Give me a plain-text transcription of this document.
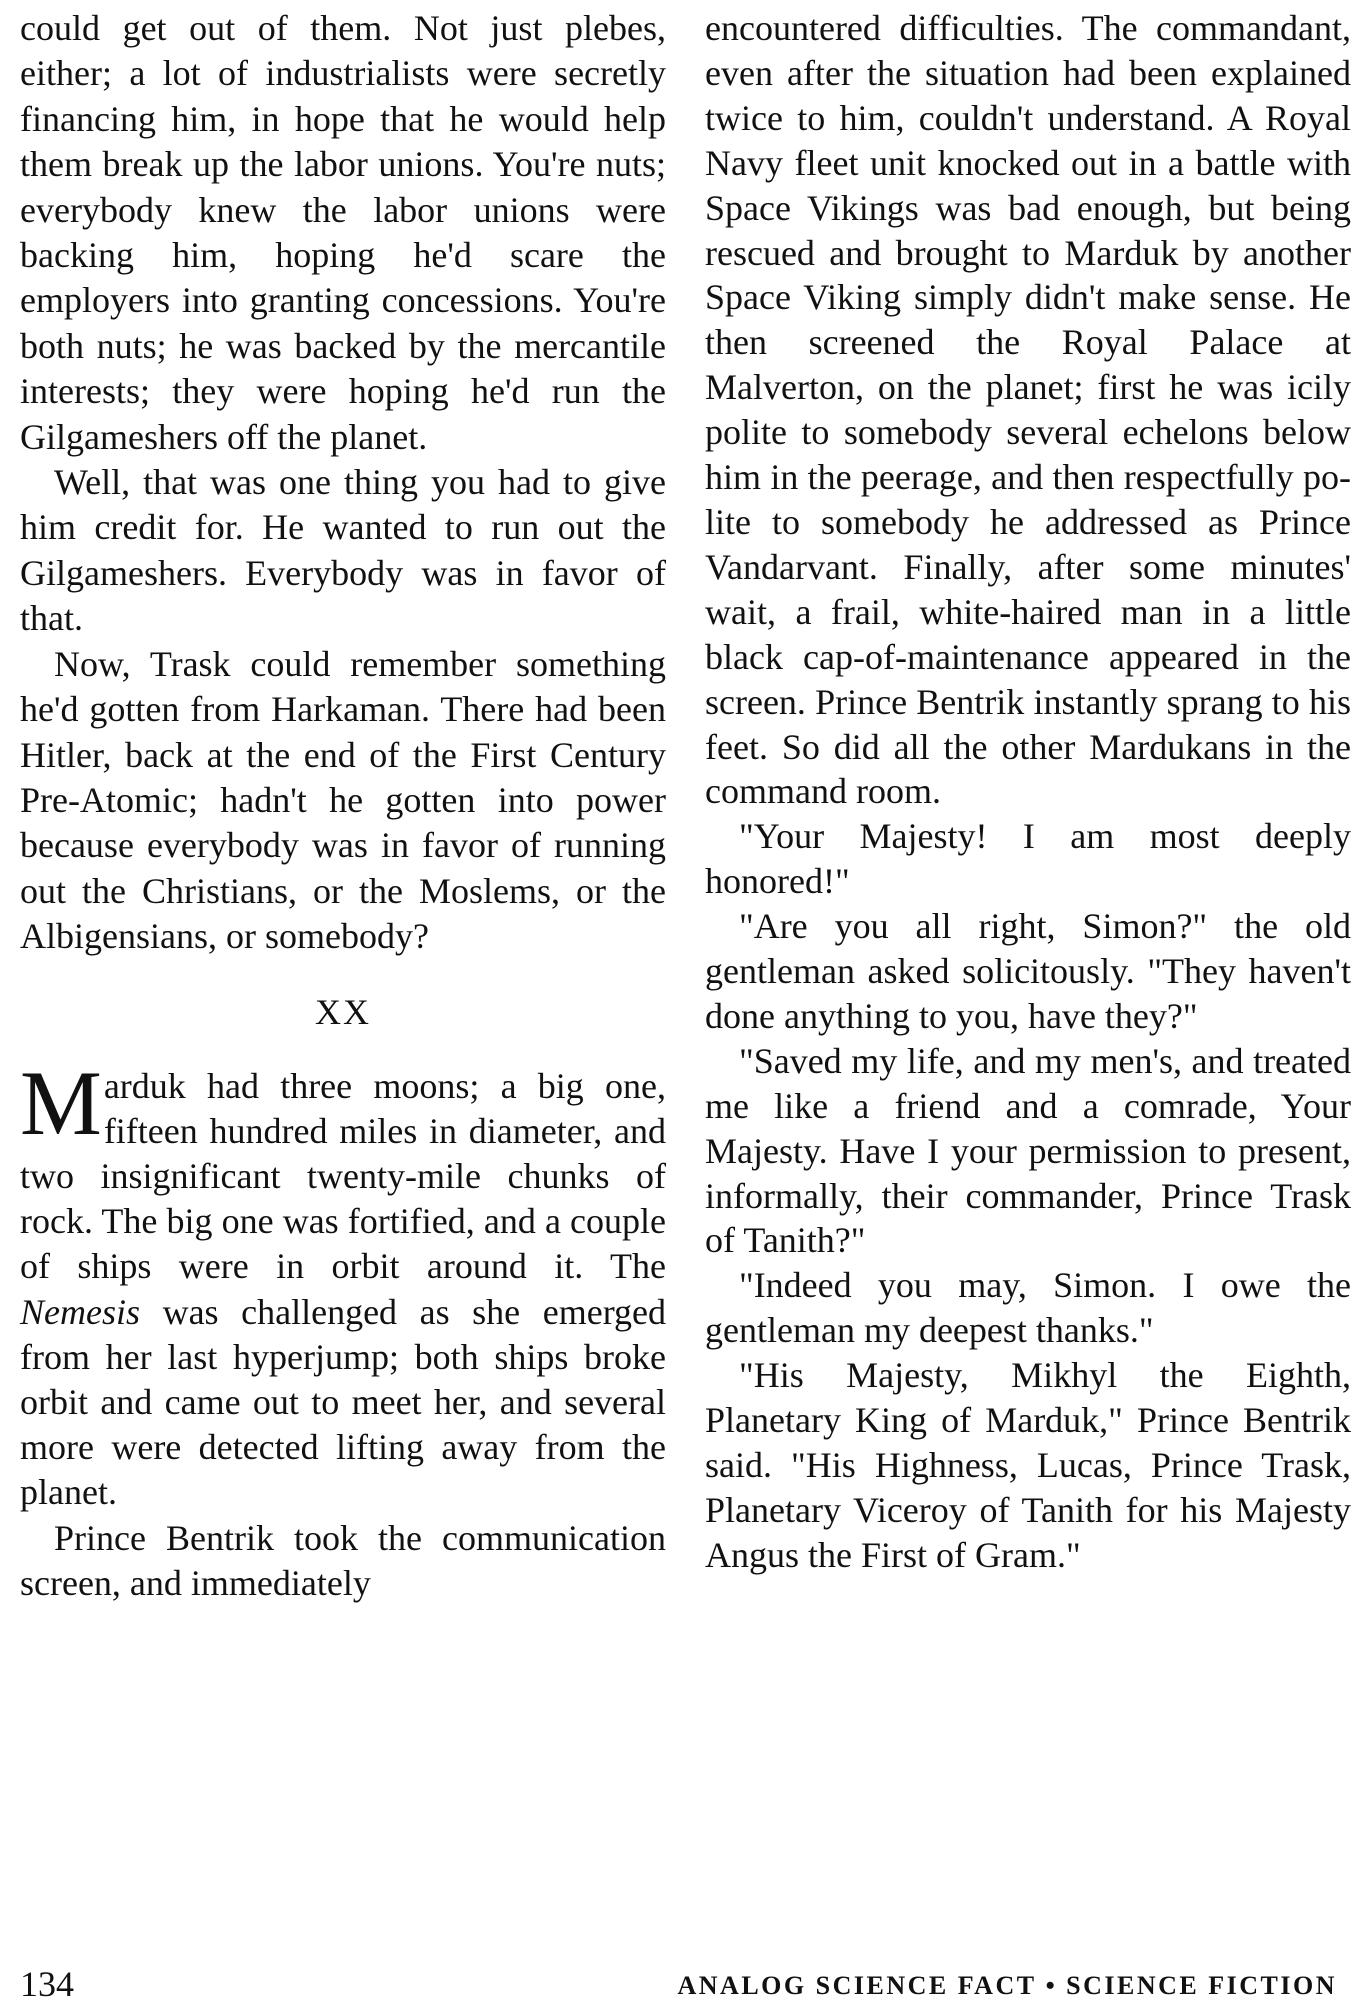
could get out of them. Not just plebes, either; a lot of industrialists were secretly financing him, in hope that he would help them break up the labor unions. You're nuts; everybody knew the labor unions were backing him, hoping he'd scare the employers into granting concessions. You're both nuts; he was backed by the mercantile interests; they were hoping he'd run the Gilgameshers off the planet.

Well, that was one thing you had to give him credit for. He wanted to run out the Gilgameshers. Everybody was in favor of that.

Now, Trask could remember something he'd gotten from Harkaman. There had been Hitler, back at the end of the First Century Pre-Atomic; hadn't he gotten into power because everybody was in favor of running out the Christians, or the Moslems, or the Albigensians, or somebody?

XX

Marduk had three moons; a big one, fifteen hundred miles in diameter, and two insignificant twenty-mile chunks of rock. The big one was fortified, and a couple of ships were in orbit around it. The Nemesis was challenged as she emerged from her last hyperjump; both ships broke orbit and came out to meet her, and several more were detected lifting away from the planet.

Prince Bentrik took the communication screen, and immediately

encountered difficulties. The commandant, even after the situation had been explained twice to him, couldn't understand. A Royal Navy fleet unit knocked out in a battle with Space Vikings was bad enough, but being rescued and brought to Marduk by another Space Viking simply didn't make sense. He then screened the Royal Palace at Malverton, on the planet; first he was icily polite to somebody several echelons below him in the peerage, and then respectfully polite to somebody he addressed as Prince Vandarvant. Finally, after some minutes' wait, a frail, white-haired man in a little black cap-of-maintenance appeared in the screen. Prince Bentrik instantly sprang to his feet. So did all the other Mardukans in the command room.

"Your Majesty! I am most deeply honored!"

"Are you all right, Simon?" the old gentleman asked solicitously. "They haven't done anything to you, have they?"

"Saved my life, and my men's, and treated me like a friend and a comrade, Your Majesty. Have I your permission to present, informally, their commander, Prince Trask of Tanith?"

"Indeed you may, Simon. I owe the gentleman my deepest thanks."

"His Majesty, Mikhyl the Eighth, Planetary King of Marduk," Prince Bentrik said. "His Highness, Lucas, Prince Trask, Planetary Viceroy of Tanith for his Majesty Angus the First of Gram."

134	ANALOG SCIENCE FACT • SCIENCE FICTION
